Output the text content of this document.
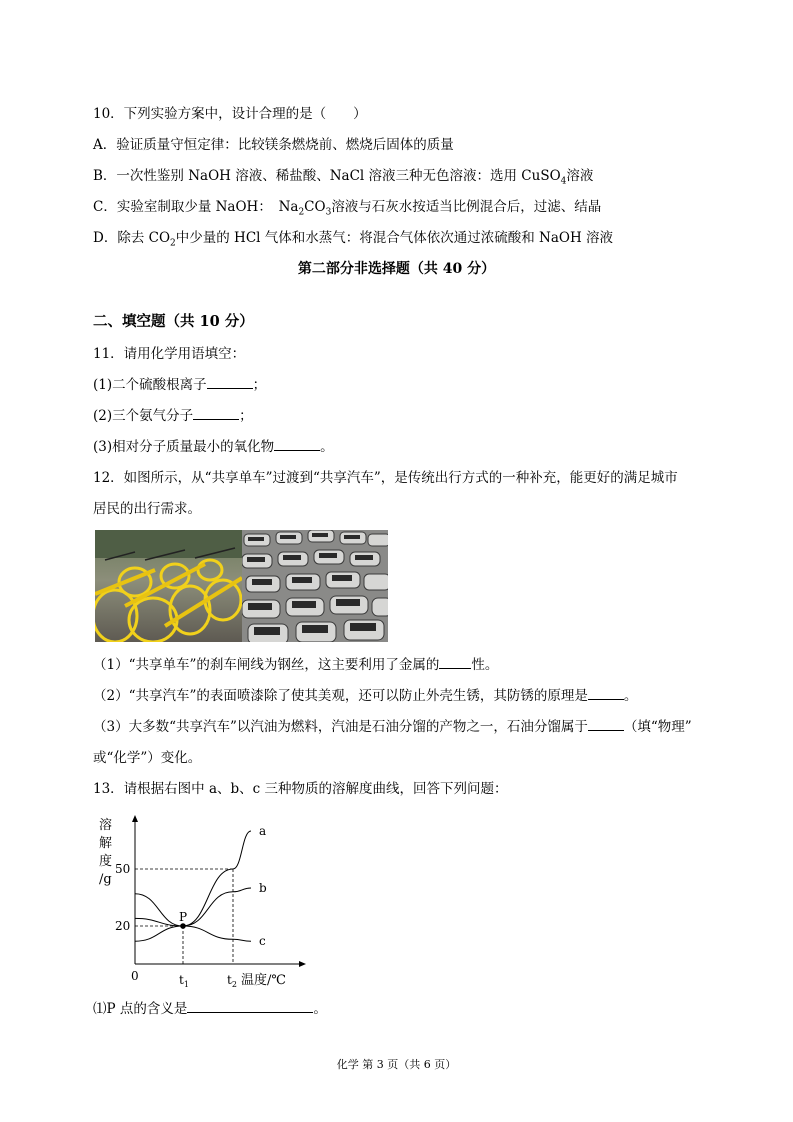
10．下列实验方案中，设计合理的是（　　）
A．验证质量守恒定律：比较镁条燃烧前、燃烧后固体的质量
B．一次性鉴别 NaOH 溶液、稀盐酸、NaCl 溶液三种无色溶液：选用 CuSO$_4$溶液
C．实验室制取少量 NaOH：　$Na_2CO_3$溶液与石灰水按适当比例混合后，过滤、结晶
D．除去 $CO_2$中少量的 HCl 气体和水蒸气：将混合气体依次通过浓硫酸和 NaOH 溶液
第二部分非选择题（共 40 分）
二、填空题（共 10 分）
11．请用化学用语填空：
(1)二个硫酸根离子	；
(2)三个氨气分子	；
(3)相对分子质量最小的氧化物	。
12．如图所示，从“共享单车”过渡到“共享汽车”，是传统出行方式的一种补充，能更好的满足城市
居民的出行需求。
（1）“共享单车”的刹车闸线为钢丝，这主要利用了金属的 性。
（2）“共享汽车”的表面喷漆除了使其美观，还可以防止外壳生锈，其防锈的原理是	。
（3）大多数“共享汽车”以汽油为燃料，汽油是石油分馏的产物之一，石油分馏属于	（填“物理”
或“化学”）变化。
13．请根据右图中 a、b、c 三种物质的溶解度曲线，回答下列问题：
溶
解
度
/g
20
50
a
b
c
P
0	$t_1$	$t_2$ 温度/℃
⑴P 点的含义是	。
化学 第 3 页（共 6 页）
